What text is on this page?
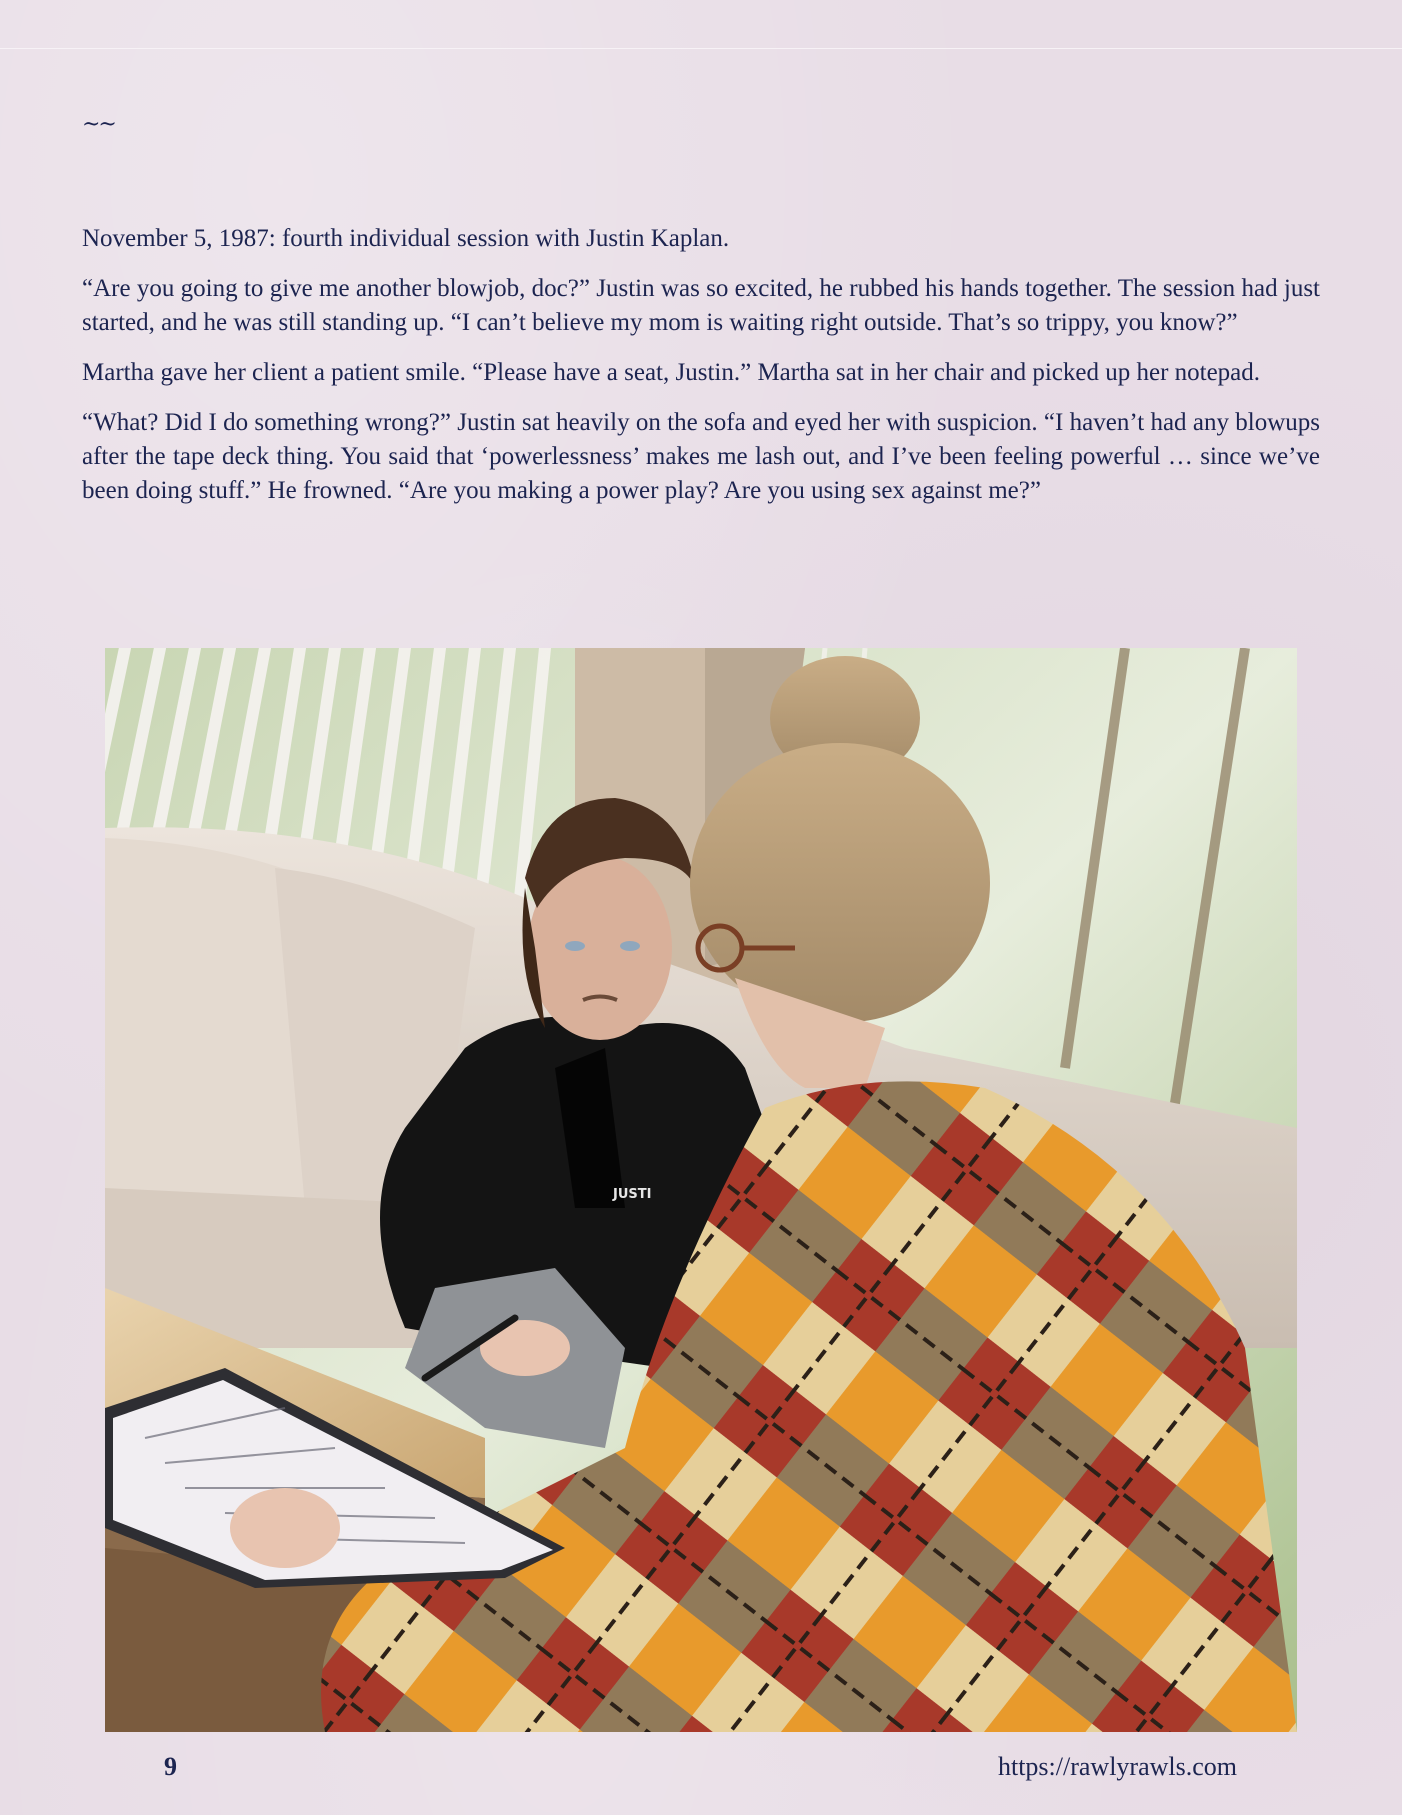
~~

November 5, 1987: fourth individual session with Justin Kaplan.

“Are you going to give me another blowjob, doc?” Justin was so excited, he rubbed his hands together. The session had just started, and he was still standing up. “I can’t believe my mom is waiting right outside. That’s so trippy, you know?”

Martha gave her client a patient smile. “Please have a seat, Justin.” Martha sat in her chair and picked up her notepad.

“What? Did I do something wrong?” Justin sat heavily on the sofa and eyed her with suspicion. “I haven’t had any blowups after the tape deck thing. You said that ‘powerlessness’ makes me lash out, and I’ve been feeling powerful … since we’ve been doing stuff.” He frowned. “Are you making a power play? Are you using sex against me?”

JUSTI
9	https://rawlyrawls.com
